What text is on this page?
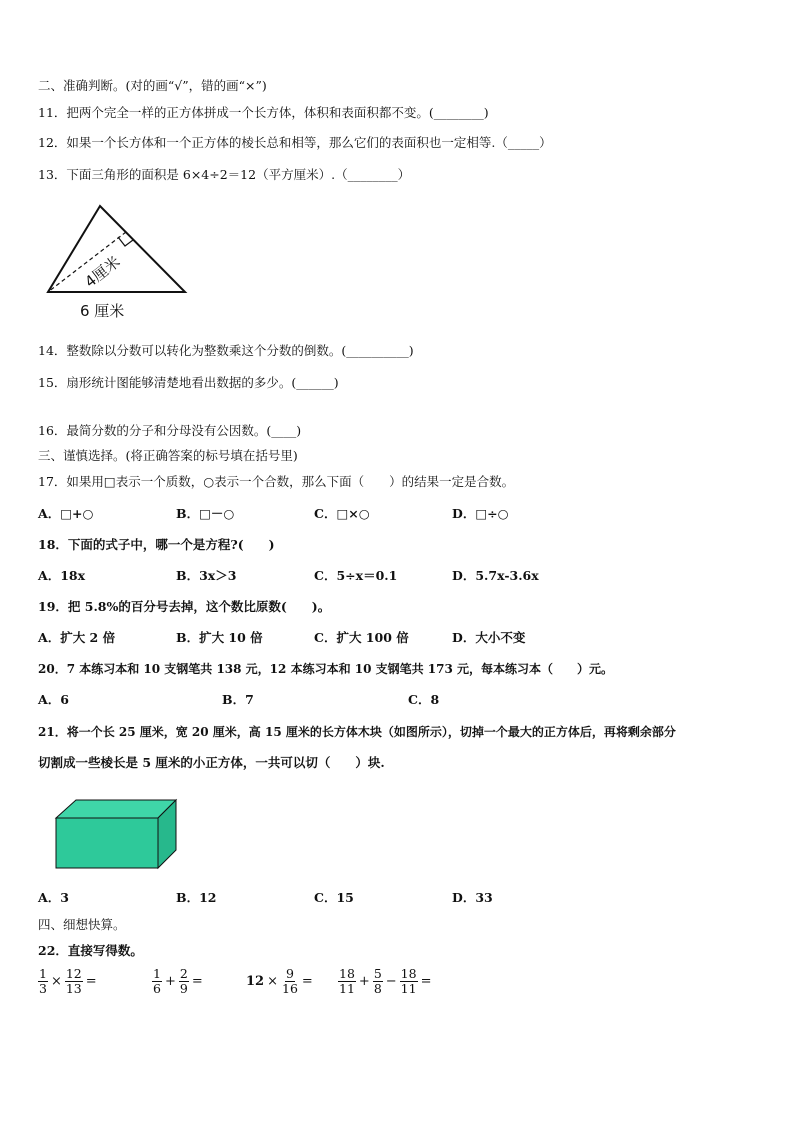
二、准确判断。(对的画“√”，错的画“×”)
11．把两个完全一样的正方体拼成一个长方体，体积和表面积都不变。(________)
12．如果一个长方体和一个正方体的棱长总和相等，那么它们的表面积也一定相等.（_____）
13．下面三角形的面积是 6×4÷2＝12（平方厘米）.（________）
4厘米
6 厘米
14．整数除以分数可以转化为整数乘这个分数的倒数。(__________)
15．扇形统计图能够清楚地看出数据的多少。(______)
16．最简分数的分子和分母没有公因数。(____)
三、谨慎选择。(将正确答案的标号填在括号里)
17．如果用□表示一个质数，○表示一个合数，那么下面（　　）的结果一定是合数。
A．□+○	B．□－○	C．□×○	D．□÷○
18．下面的式子中，哪一个是方程?(　　)
A．18x	B．3x＞3	C．5÷x＝0.1	D．5.7x-3.6x
19．把 5.8%的百分号去掉，这个数比原数(　　)。
A．扩大 2 倍	B．扩大 10 倍	C．扩大 100 倍	D．大小不变
20．7 本练习本和 10 支钢笔共 138 元，12 本练习本和 10 支钢笔共 173 元，每本练习本（　　）元。
A．6	B．7	C．8
21．将一个长 25 厘米，宽 20 厘米，高 15 厘米的长方体木块（如图所示），切掉一个最大的正方体后，再将剩余部分
切割成一些棱长是 5 厘米的小正方体，一共可以切（　　）块.
A．3	B．12	C．15	D．33
四、细想快算。
22．直接写得数。
$\frac{1}{3} \times \frac{12}{13}$ =	$\frac{1}{6} + \frac{2}{9}$ =	$12 \times \frac{9}{16} = \frac{18}{11} + \frac{5}{8} - \frac{18}{11}$ =
